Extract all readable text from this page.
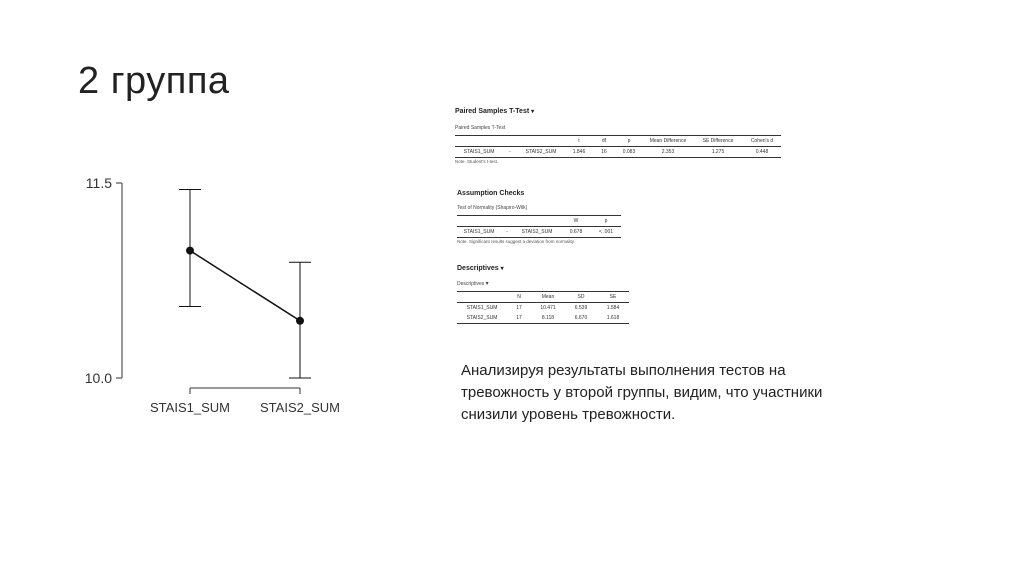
2 группа
11.5
10.0
STAIS1_SUM STAIS2_SUM
Paired Samples T-Test ▾
Paired Samples T-Test
			t	df	p	Mean Difference	SE Difference	Cohen's d
STAIS1_SUM	-	STAIS2_SUM	1.846	16	0.083	2.353	1.275	0.448
Note. Student's t-test.
Assumption Checks
Test of Normality (Shapiro-Wilk)
			W	p
STAIS1_SUM	-	STAIS2_SUM	0.678	< .001
Note. Significant results suggest a deviation from normality.
Descriptives ▾
Descriptives ▾
	N	Mean	SD	SE
STAIS1_SUM	17	10.471	6.539	1.584
STAIS2_SUM	17	8.118	6.670	1.618
Анализируя результаты выполнения тестов на тревожность у второй группы, видим, что участники снизили уровень тревожности.
